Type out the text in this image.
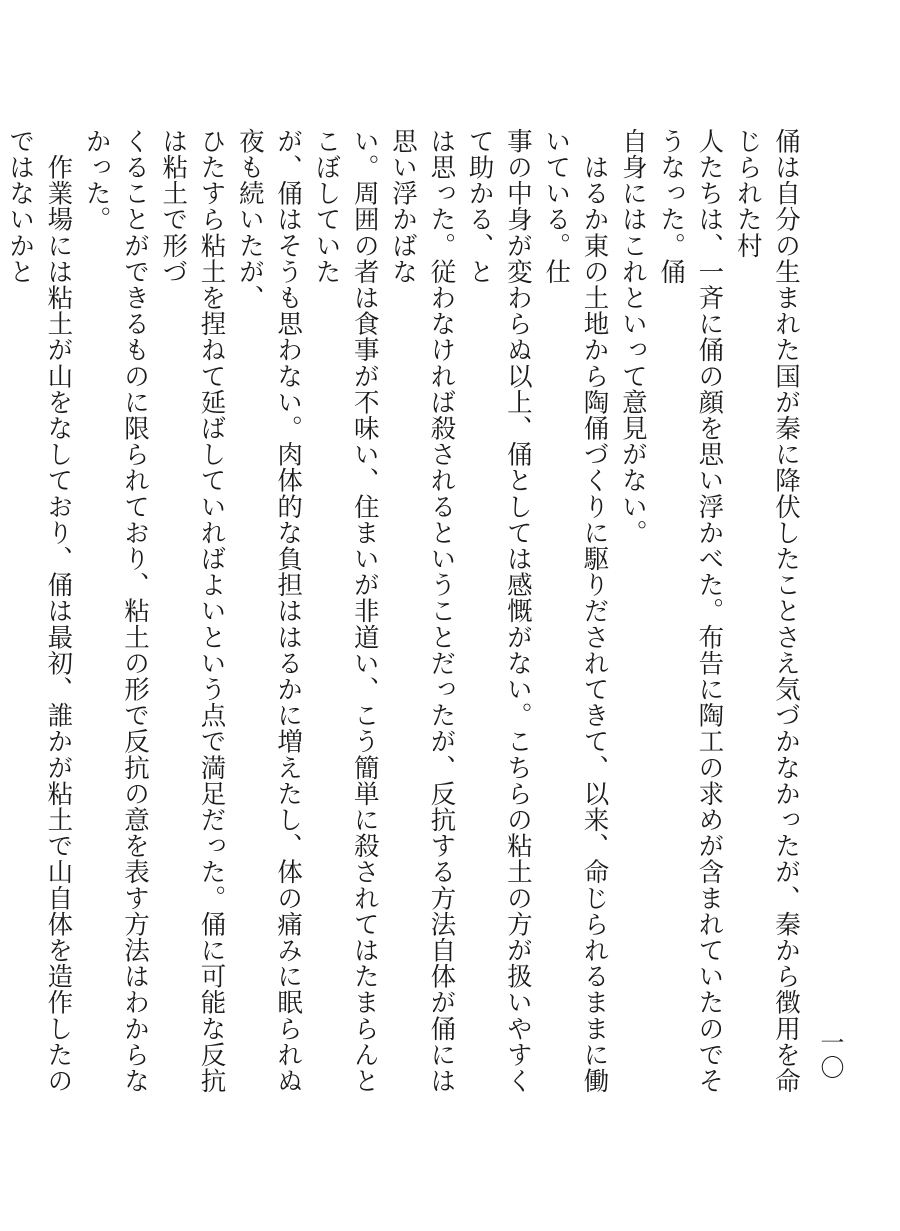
一〇

俑は自分の生まれた国が秦に降伏したことさえ気づかなかったが、秦から徴用を命じられた村
人たちは、一斉に俑の顔を思い浮かべた。布告に陶工の求めが含まれていたのでそうなった。俑
自身にはこれといって意見がない。

　はるか東の土地から陶俑づくりに駆りだされてきて、以来、命じられるままに働いている。仕
事の中身が変わらぬ以上、俑としては感慨がない。こちらの粘土の方が扱いやすくて助かる、と
は思った。従わなければ殺されるということだったが、反抗する方法自体が俑には思い浮かばな
い。周囲の者は食事が不味い、住まいが非道い、こう簡単に殺されてはたまらんとこぼしていた
が、俑はそうも思わない。肉体的な負担ははるかに増えたし、体の痛みに眠られぬ夜も続いたが、
ひたすら粘土を捏ねて延ばしていればよいという点で満足だった。俑に可能な反抗は粘土で形づ
くることができるものに限られており、粘土の形で反抗の意を表す方法はわからなかった。

　作業場には粘土が山をなしており、俑は最初、誰かが粘土で山自体を造作したのではないかと
